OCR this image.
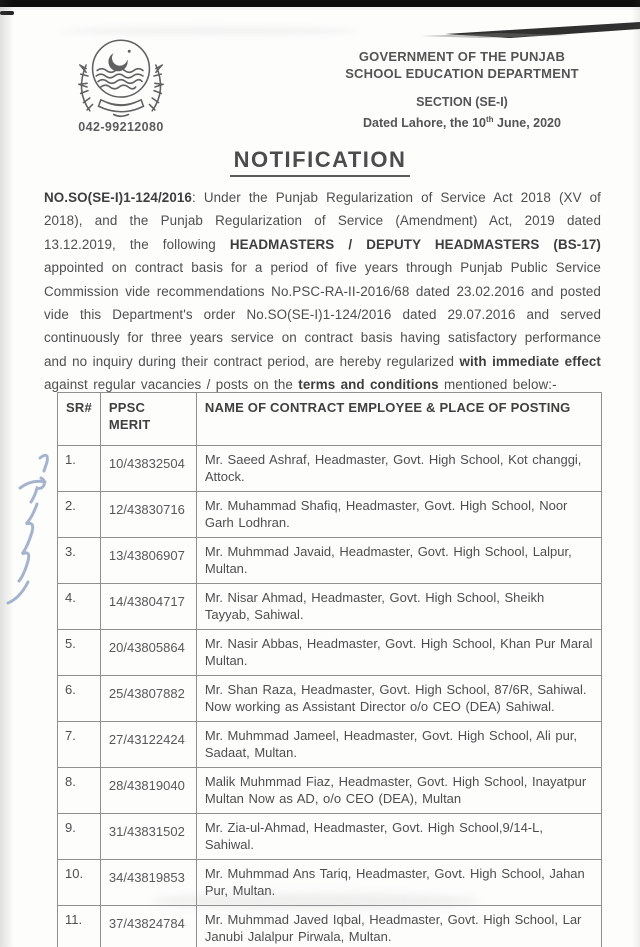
042-99212080
GOVERNMENT OF THE PUNJAB
SCHOOL EDUCATION DEPARTMENT
SECTION (SE-I)
Dated Lahore, the 10th June, 2020
NOTIFICATION
NO.SO(SE-I)1-124/2016: Under the Punjab Regularization of Service Act 2018 (XV of 2018), and the Punjab Regularization of Service (Amendment) Act, 2019 dated 13.12.2019, the following HEADMASTERS / DEPUTY HEADMASTERS (BS-17) appointed on contract basis for a period of five years through Punjab Public Service Commission vide recommendations No.PSC-RA-II-2016/68 dated 23.02.2016 and posted vide this Department's order No.SO(SE-I)1-124/2016 dated 29.07.2016 and served continuously for three years service on contract basis having satisfactory performance and no inquiry during their contract period, are hereby regularized with immediate effect against regular vacancies / posts on the terms and conditions mentioned below:-
SR#	PPSC MERIT	NAME OF CONTRACT EMPLOYEE & PLACE OF POSTING
1.	10/43832504	Mr. Saeed Ashraf, Headmaster, Govt. High School, Kot changgi, Attock.
2.	12/43830716	Mr. Muhammad Shafiq, Headmaster, Govt. High School, Noor Garh Lodhran.
3.	13/43806907	Mr. Muhmmad Javaid, Headmaster, Govt. High School, Lalpur, Multan.
4.	14/43804717	Mr. Nisar Ahmad, Headmaster, Govt. High School, Sheikh Tayyab, Sahiwal.
5.	20/43805864	Mr. Nasir Abbas, Headmaster, Govt. High School, Khan Pur Maral Multan.
6.	25/43807882	Mr. Shan Raza, Headmaster, Govt. High School, 87/6R, Sahiwal. Now working as Assistant Director o/o CEO (DEA) Sahiwal.
7.	27/43122424	Mr. Muhmmad Jameel, Headmaster, Govt. High School, Ali pur, Sadaat, Multan.
8.	28/43819040	Malik Muhmmad Fiaz, Headmaster, Govt. High School, Inayatpur Multan Now as AD, o/o CEO (DEA), Multan
9.	31/43831502	Mr. Zia-ul-Ahmad, Headmaster, Govt. High School,9/14-L, Sahiwal.
10.	34/43819853	Mr. Muhmmad Ans Tariq, Headmaster, Govt. High School, Jahan Pur, Multan.
11.	37/43824784	Mr. Muhmmad Javed Iqbal, Headmaster, Govt. High School, Lar Janubi Jalalpur Pirwala, Multan.
